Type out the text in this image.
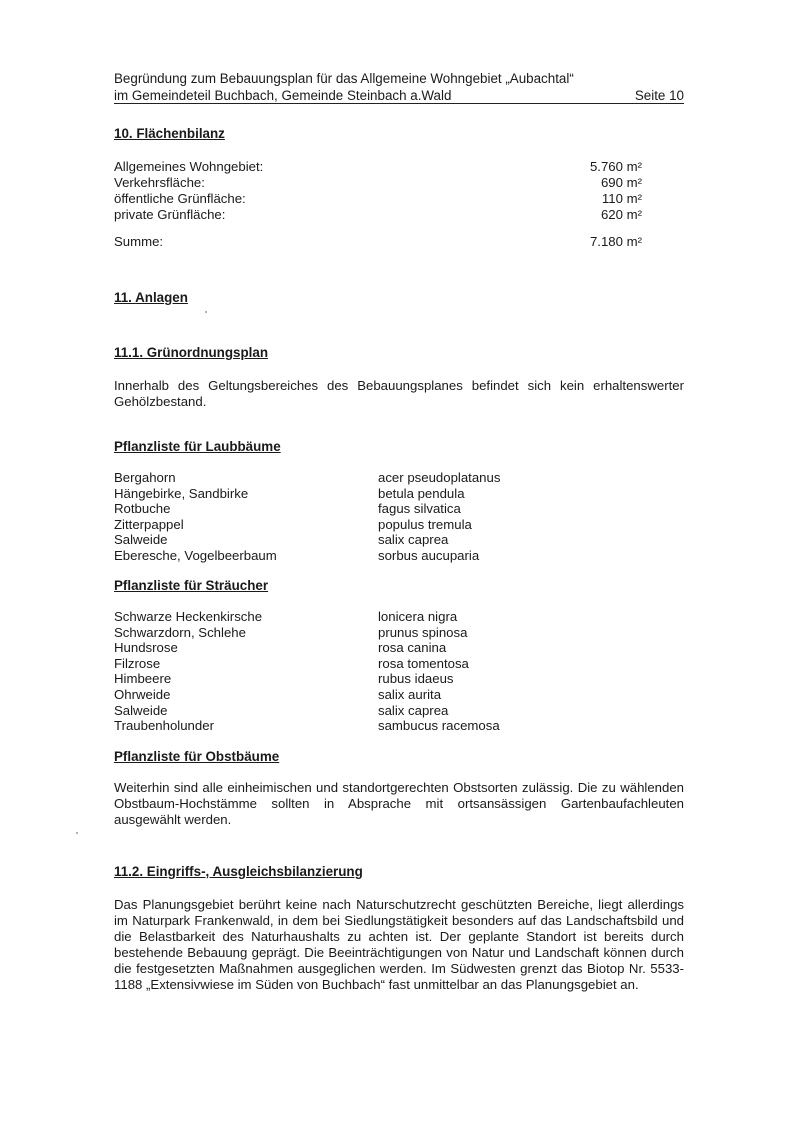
Begründung zum Bebauungsplan für das Allgemeine Wohngebiet „Aubachtal“
im Gemeindeteil Buchbach, Gemeinde Steinbach a.Wald	Seite 10
10. Flächenbilanz
Allgemeines Wohngebiet:	5.760 m²
Verkehrsfläche:	690 m²
öffentliche Grünfläche:	110 m²
private Grünfläche:	620 m²
Summe:	7.180 m²
11. Anlagen
11.1. Grünordnungsplan
Innerhalb des Geltungsbereiches des Bebauungsplanes befindet sich kein erhaltenswerter Gehölzbestand.
Pflanzliste für Laubbäume
Bergahorn	acer pseudoplatanus
Hängebirke, Sandbirke	betula pendula
Rotbuche	fagus silvatica
Zitterpappel	populus tremula
Salweide	salix caprea
Eberesche, Vogelbeerbaum	sorbus aucuparia
Pflanzliste für Sträucher
Schwarze Heckenkirsche	lonicera nigra
Schwarzdorn, Schlehe	prunus spinosa
Hundsrose	rosa canina
Filzrose	rosa tomentosa
Himbeere	rubus idaeus
Ohrweide	salix aurita
Salweide	salix caprea
Traubenholunder	sambucus racemosa
Pflanzliste für Obstbäume
Weiterhin sind alle einheimischen und standortgerechten Obstsorten zulässig. Die zu wählenden Obstbaum-Hochstämme sollten in Absprache mit ortsansässigen Gartenbaufachleuten ausgewählt werden.
11.2. Eingriffs-, Ausgleichsbilanzierung
Das Planungsgebiet berührt keine nach Naturschutzrecht geschützten Bereiche, liegt allerdings im Naturpark Frankenwald, in dem bei Siedlungstätigkeit besonders auf das Landschaftsbild und die Belastbarkeit des Naturhaushalts zu achten ist. Der geplante Standort ist bereits durch bestehende Bebauung geprägt. Die Beeinträchtigungen von Natur und Landschaft können durch die festgesetzten Maßnahmen ausgeglichen werden. Im Südwesten grenzt das Biotop Nr. 5533-1188 „Extensivwiese im Süden von Buchbach“ fast unmittelbar an das Planungsgebiet an.
